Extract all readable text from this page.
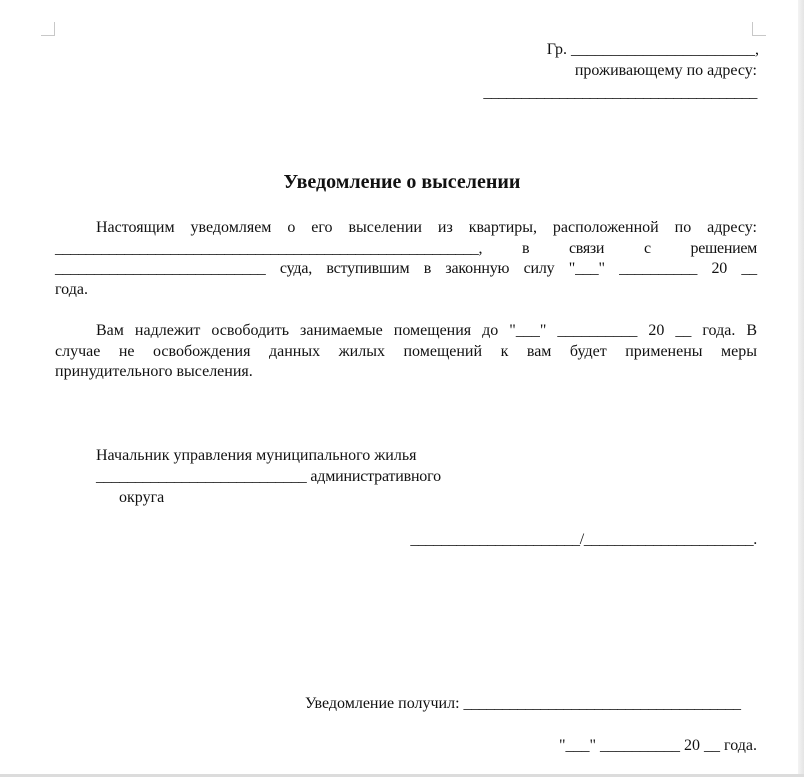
Гр. _______________________,
проживающему по адресу:
____________________________________
Уведомление о выселении
Настоящим уведомляем о его выселении из квартиры, расположенной по адресу:
_______________________________________________________, в связи с решением
___________________________ суда, вступившим в законную силу "___" __________ 20 __
года.
Вам надлежит освободить занимаемые помещения до "___" __________ 20 __ года. В
случае не освобождения данных жилых помещений к вам будет применены меры
принудительного выселения.
Начальник управления муниципального жилья
___________________________ административного
округа
______________________/______________________.
Уведомление получил: ____________________________________
"___" __________ 20 __ года.
